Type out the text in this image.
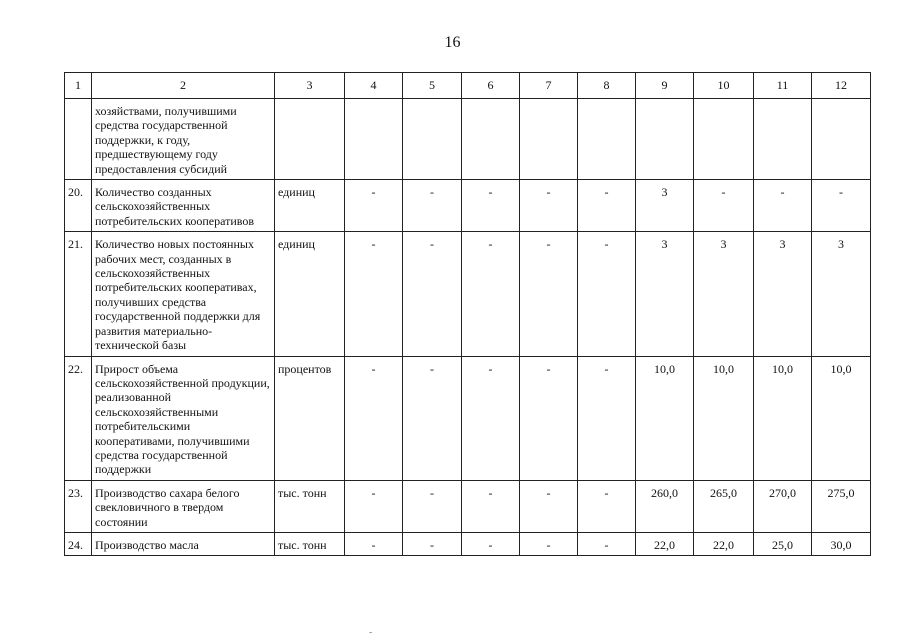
16
1	2	3	4	5	6	7	8	9	10	11	12
	хозяйствами, получившими средства государственной поддержки, к году, предшествующему году предоставления субсидий										
20.	Количество созданных сельскохозяйственных потребительских кооперативов	единиц	-	-	-	-	-	3	-	-	-
21.	Количество новых постоянных рабочих мест, созданных в сельскохозяйственных потребительских кооперативах, получивших средства государственной поддержки для развития материально-технической базы	единиц	-	-	-	-	-	3	3	3	3
22.	Прирост объема сельскохозяйственной продукции, реализованной сельскохозяйственными потребительскими кооперативами, получившими средства государственной поддержки	процентов	-	-	-	-	-	10,0	10,0	10,0	10,0
23.	Производство сахара белого свекловичного в твердом состоянии	тыс. тонн	-	-	-	-	-	260,0	265,0	270,0	275,0
24.	Производство масла	тыс. тонн	-	-	-	-	-	22,0	22,0	25,0	30,0
-
